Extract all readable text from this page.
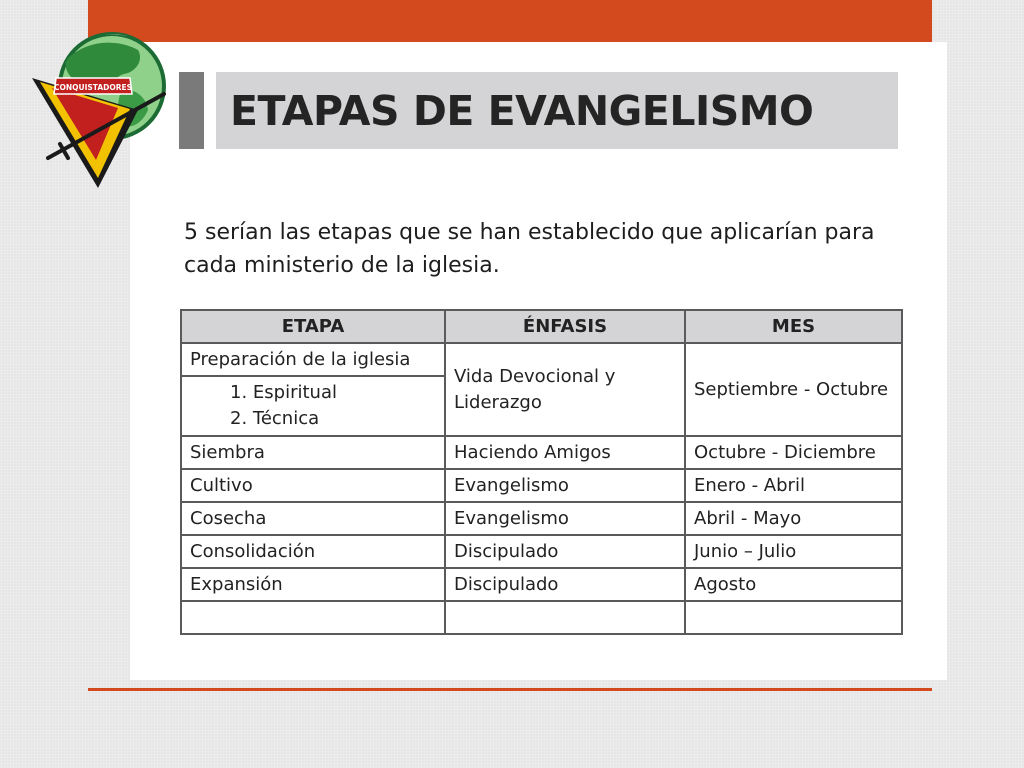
CONQUISTADORES ETAPAS DE EVANGELISMO
5 serían las etapas que se han establecido que aplicarían para cada ministerio de la iglesia.
ETAPA	ÉNFASIS	MES
Preparación de la iglesia	Vida Devocional y Liderazgo	Septiembre - Octubre

1. Espiritual
2. Técnica		

Siembra	Haciendo Amigos	Octubre - Diciembre
Cultivo	Evangelismo	Enero - Abril
Cosecha	Evangelismo	Abril - Mayo
Consolidación	Discipulado	Junio – Julio
Expansión	Discipulado	Agosto
